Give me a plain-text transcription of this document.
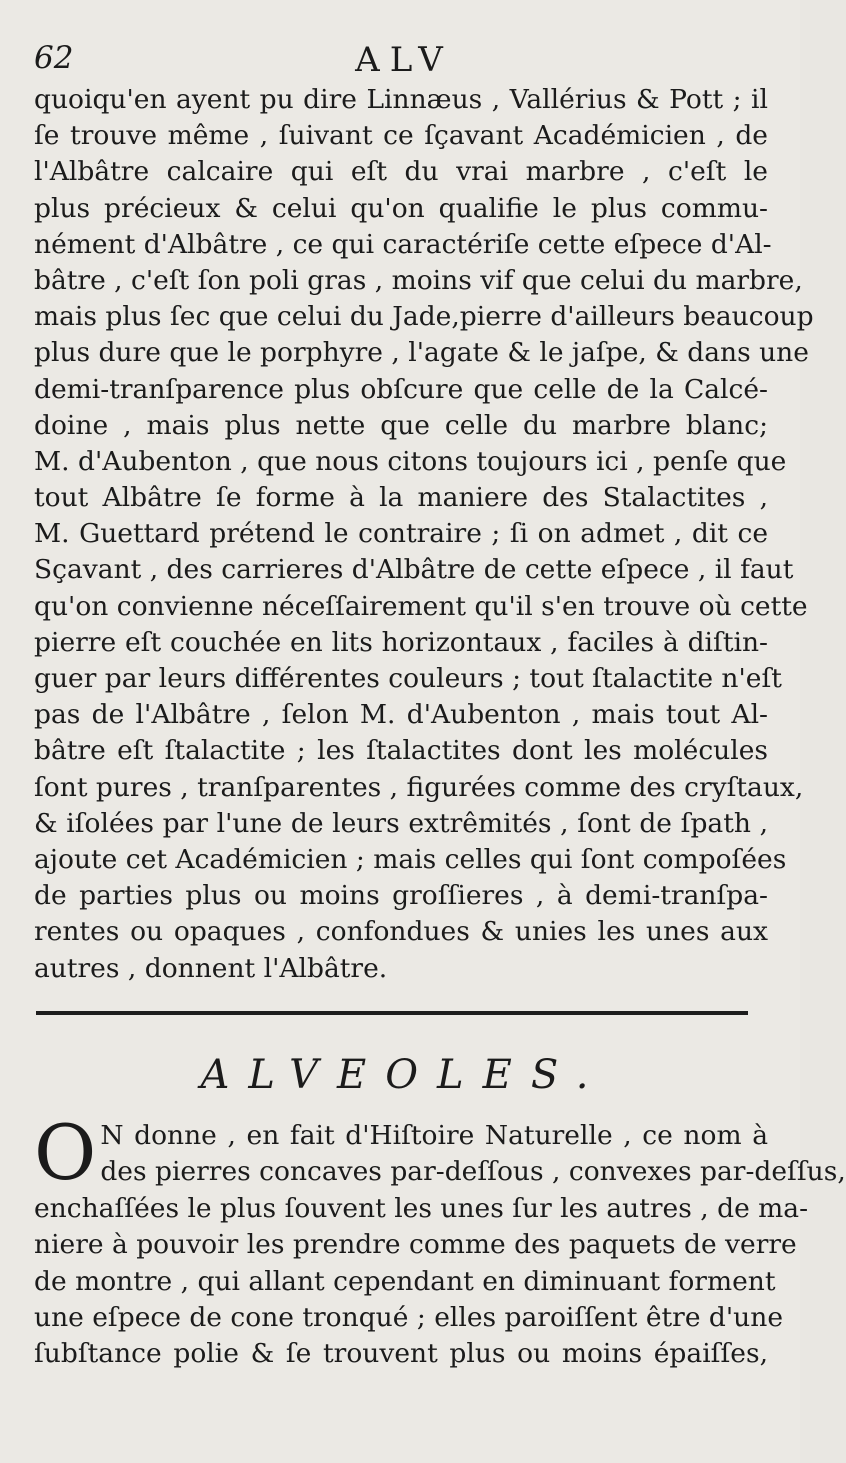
62	ALV
quoiqu'en ayent pu dire Linnæus , Vallérius & Pott ; il
ſe trouve même , ſuivant ce ſçavant Académicien , de
l'Albâtre calcaire qui eſt du vrai marbre , c'eſt le
plus précieux & celui qu'on qualifie le plus commu-
nément d'Albâtre , ce qui caractériſe cette eſpece d'Al-
bâtre , c'eſt ſon poli gras , moins vif que celui du marbre,
mais plus ſec que celui du Jade,pierre d'ailleurs beaucoup
plus dure que le porphyre , l'agate & le jaſpe, & dans une
demi-tranſparence plus obſcure que celle de la Calcé-
doine , mais plus nette que celle du marbre blanc;
M. d'Aubenton , que nous citons toujours ici , penſe que
tout Albâtre ſe forme à la maniere des Stalactites ,
M. Guettard prétend le contraire ; ſi on admet , dit ce
Sçavant , des carrieres d'Albâtre de cette eſpece , il faut
qu'on convienne néceſſairement qu'il s'en trouve où cette
pierre eſt couchée en lits horizontaux , faciles à diſtin-
guer par leurs différentes couleurs ; tout ſtalactite n'eſt
pas de l'Albâtre , ſelon M. d'Aubenton , mais tout Al-
bâtre eſt ſtalactite ; les ſtalactites dont les molécules
ſont pures , tranſparentes , figurées comme des cryſtaux,
& iſolées par l'une de leurs extrêmités , ſont de ſpath ,
ajoute cet Académicien ; mais celles qui ſont compoſées
de parties plus ou moins groſſieres , à demi-tranſpa-
rentes ou opaques , confondues & unies les unes aux
autres , donnent l'Albâtre.
ALVEOLES.
O N donne , en fait d'Hiſtoire Naturelle , ce nom à
des pierres concaves par-deſſous , convexes par-deſſus,
enchaſſées le plus ſouvent les unes ſur les autres , de ma-
niere à pouvoir les prendre comme des paquets de verre
de montre , qui allant cependant en diminuant forment
une eſpece de cone tronqué ; elles paroiſſent être d'une
ſubſtance polie & ſe trouvent plus ou moins épaiſſes,
